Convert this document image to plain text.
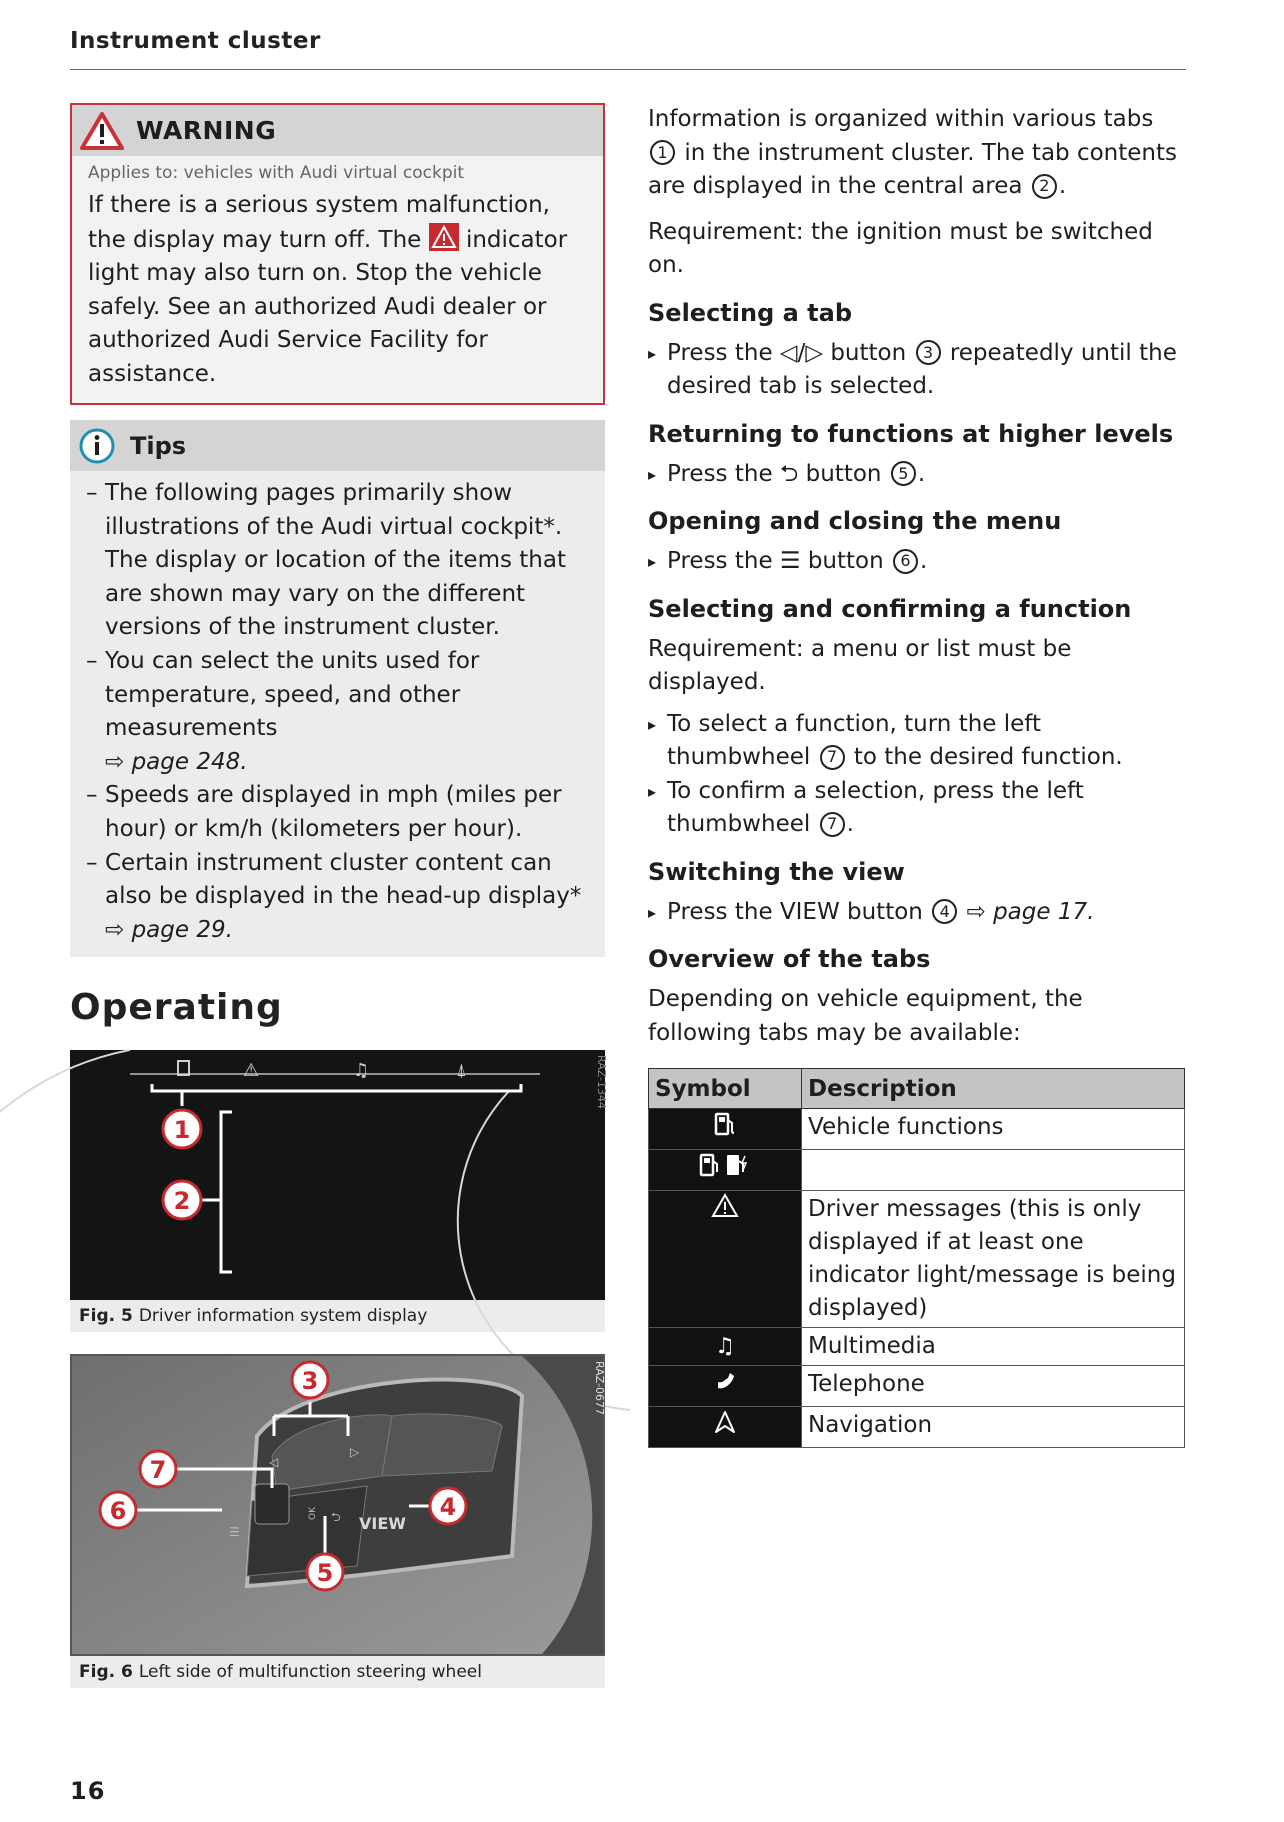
Instrument cluster
WARNING
Applies to: vehicles with Audi virtual cockpit
If there is a serious system malfunction, the display may turn off. The indicator light may also turn on. Stop the vehicle safely. See an authorized Audi dealer or authorized Audi Service Facility for assistance.
Tips
– The following pages primarily show illustrations of the Audi virtual cockpit*. The display or location of the items that are shown may vary on the different versions of the instrument cluster.
– You can select the units used for temperature, speed, and other measurements
⇨ page 248.
– Speeds are displayed in mph (miles per hour) or km/h (kilometers per hour).
– Certain instrument cluster content can also be displayed in the head-up display*
⇨ page 29.
Operating
⚠	♫	⍋
1
2
RAZ-1344
Fig. 5 Driver information system display
☰
OK ⮌ VIEW
◁
▷
3
7
6	4
5
RAZ-0677
Fig. 6 Left side of multifunction steering wheel
Information is organized within various tabs 1 in the instrument cluster. The tab contents are displayed in the central area 2 .
Requirement: the ignition must be switched on.
Selecting a tab
▸ Press the ◁/▷ button 3 repeatedly until the desired tab is selected.
Returning to functions at higher levels
▸ Press the ⮌ button 5 .
Opening and closing the menu
▸ Press the ☰ button 6 .
Selecting and confirming a function
Requirement: a menu or list must be displayed.
▸ To select a function, turn the left thumbwheel 7 to the desired function.
▸ To confirm a selection, press the left thumbwheel 7 .
Switching the view
▸ Press the VIEW button 4 ⇨ page 17.
Overview of the tabs
Depending on vehicle equipment, the following tabs may be available:
Symbol	Description
	Vehicle functions

	Driver messages (this is only displayed if at least one indicator light/message is being displayed)
♫	Multimedia
	Telephone
	Navigation
16
